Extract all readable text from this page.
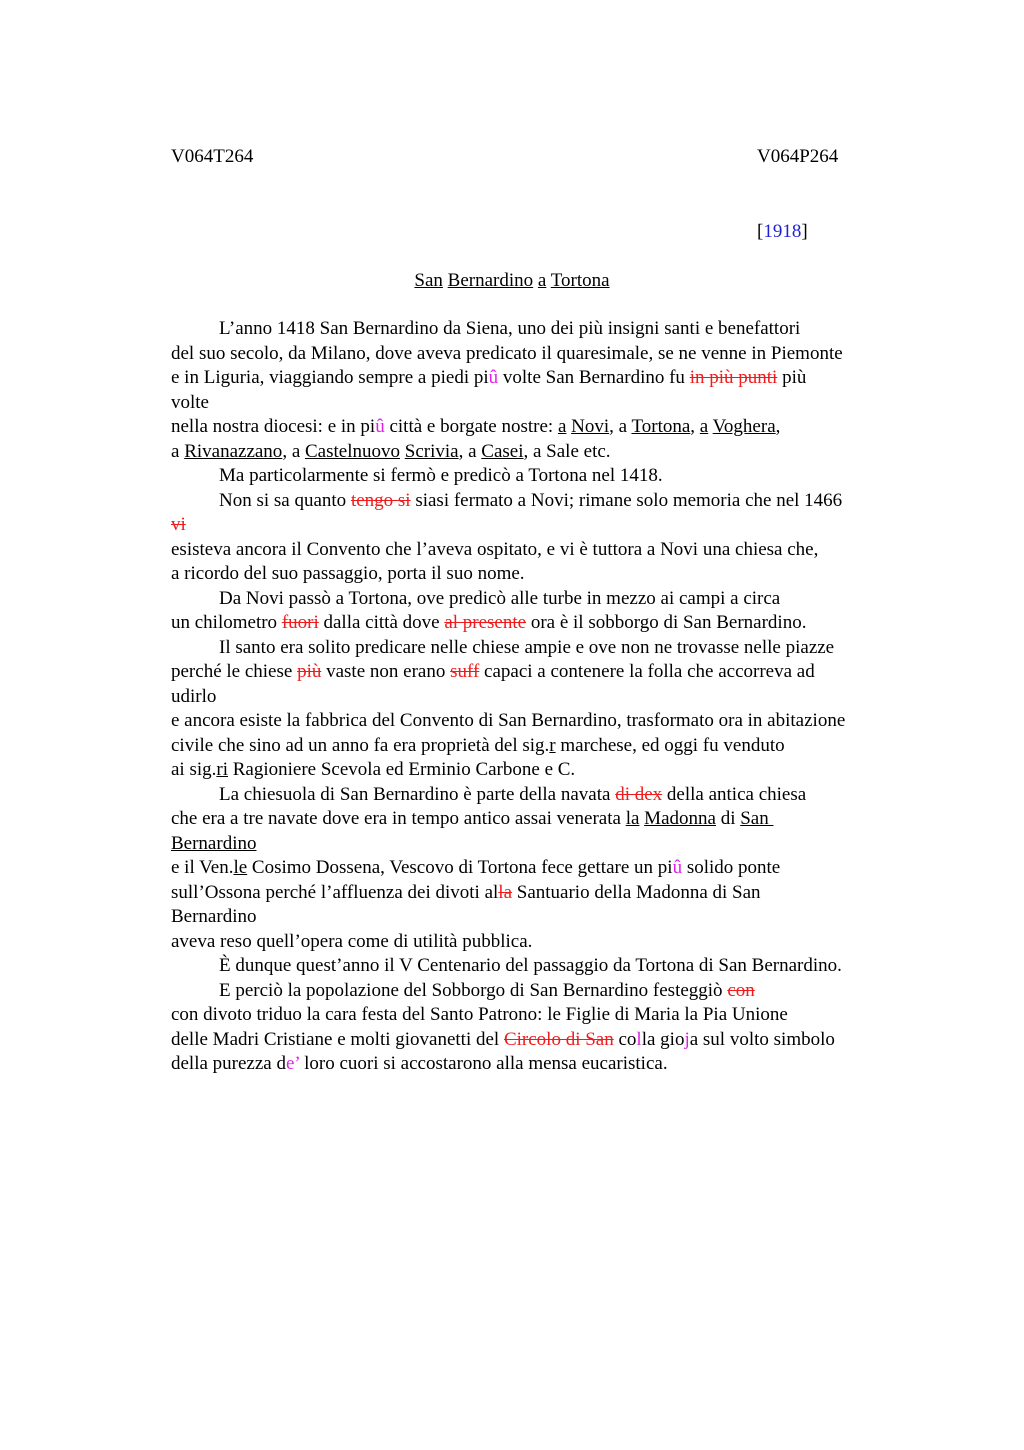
V064T264	V064P264
[1918]
San Bernardino a Tortona
L’anno 1418 San Bernardino da Siena, uno dei più insigni santi e benefattori
del suo secolo, da Milano, dove aveva predicato il quaresimale, se ne venne in Piemonte
e in Liguria, viaggiando sempre a piedi piû volte San Bernardino fu in più punti più
volte
nella nostra diocesi: e in piû città e borgate nostre: a Novi, a Tortona, a Voghera,
a Rivanazzano, a Castelnuovo Scrivia, a Casei, a Sale etc.
Ma particolarmente si fermò e predicò a Tortona nel 1418.
Non si sa quanto tengo si siasi fermato a Novi; rimane solo memoria che nel 1466
vi
esisteva ancora il Convento che l’aveva ospitato, e vi è tuttora a Novi una chiesa che,
a ricordo del suo passaggio, porta il suo nome.
Da Novi passò a Tortona, ove predicò alle turbe in mezzo ai campi a circa
un chilometro fuori dalla città dove al presente ora è il sobborgo di San Bernardino.
Il santo era solito predicare nelle chiese ampie e ove non ne trovasse nelle piazze
perché le chiese più vaste non erano suff capaci a contenere la folla che accorreva ad
udirlo
e ancora esiste la fabbrica del Convento di San Bernardino, trasformato ora in abitazione
civile che sino ad un anno fa era proprietà del sig.r marchese, ed oggi fu venduto
ai sig.ri Ragioniere Scevola ed Erminio Carbone e C.
La chiesuola di San Bernardino è parte della navata di dex della antica chiesa
che era a tre navate dove era in tempo antico assai venerata la Madonna di San
Bernardino
e il Ven.le Cosimo Dossena, Vescovo di Tortona fece gettare un piû solido ponte
sull’Ossona perché l’affluenza dei divoti alla Santuario della Madonna di San
Bernardino
aveva reso quell’opera come di utilità pubblica.
È dunque quest’anno il V Centenario del passaggio da Tortona di San Bernardino.
E perciò la popolazione del Sobborgo di San Bernardino festeggiò con
con divoto triduo la cara festa del Santo Patrono: le Figlie di Maria la Pia Unione
delle Madri Cristiane e molti giovanetti del Circolo di San colla gioja sul volto simbolo
della purezza de’ loro cuori si accostarono alla mensa eucaristica.
